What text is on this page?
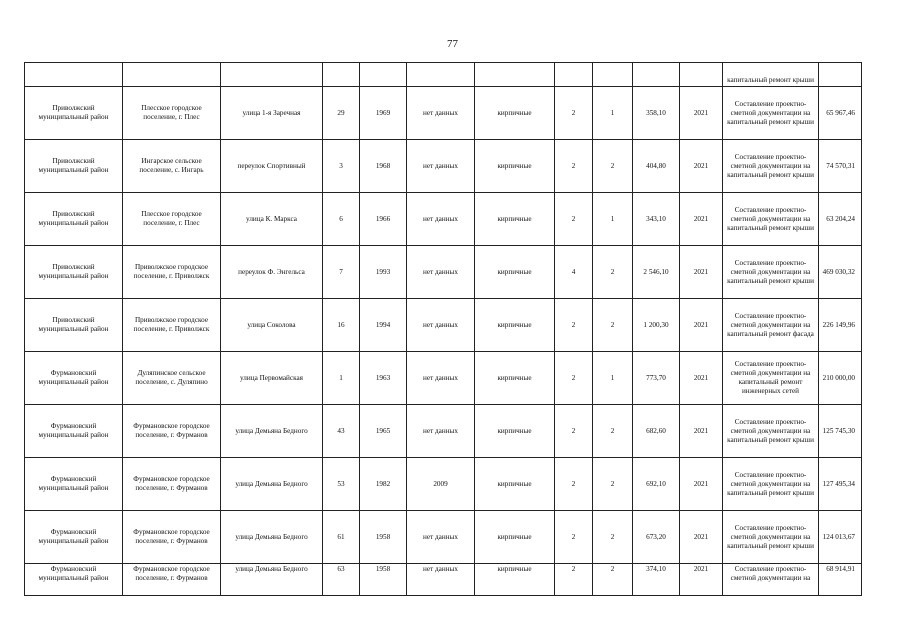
77
											капитальный ремонт крыши	
Приволжский муниципальный район	Плесское городское поселение, г. Плес	улица 1-я Заречная	29	1969	нет данных	кирпичные	2	1	358,10	2021	Составление проектно-сметной документации на капитальный ремонт крыши	65 967,46
Приволжский муниципальный район	Ингарское сельское поселение, с. Ингарь	переулок Спортивный	3	1968	нет данных	кирпичные	2	2	404,80	2021	Составление проектно-сметной документации на капитальный ремонт крыши	74 570,31
Приволжский муниципальный район	Плесское городское поселение, г. Плес	улица К. Маркса	6	1966	нет данных	кирпичные	2	1	343,10	2021	Составление проектно-сметной документации на капитальный ремонт крыши	63 204,24
Приволжский муниципальный район	Приволжское городское поселение, г. Приволжск	переулок Ф. Энгельса	7	1993	нет данных	кирпичные	4	2	2 546,10	2021	Составление проектно-сметной документации на капитальный ремонт крыши	469 030,32
Приволжский муниципальный район	Приволжское городское поселение, г. Приволжск	улица Соколова	16	1994	нет данных	кирпичные	2	2	1 200,30	2021	Составление проектно-сметной документации на капитальный ремонт фасада	226 149,96
Фурмановский муниципальный район	Дуляпинское сельское поселение, с. Дуляпино	улица Первомайская	1	1963	нет данных	кирпичные	2	1	773,70	2021	Составление проектно-сметной документации на капитальный ремонт инженерных сетей	210 000,00
Фурмановский муниципальный район	Фурмановское городское поселение, г. Фурманов	улица Демьяна Бедного	43	1965	нет данных	кирпичные	2	2	682,60	2021	Составление проектно-сметной документации на капитальный ремонт крыши	125 745,30
Фурмановский муниципальный район	Фурмановское городское поселение, г. Фурманов	улица Демьяна Бедного	53	1982	2009	кирпичные	2	2	692,10	2021	Составление проектно-сметной документации на капитальный ремонт крыши	127 495,34
Фурмановский муниципальный район	Фурмановское городское поселение, г. Фурманов	улица Демьяна Бедного	61	1958	нет данных	кирпичные	2	2	673,20	2021	Составление проектно-сметной документации на капитальный ремонт крыши	124 013,67
Фурмановский муниципальный район	Фурмановское городское поселение, г. Фурманов	улица Демьяна Бедного	63	1958	нет данных	кирпичные	2	2	374,10	2021	Составление проектно-сметной документации на	68 914,91
